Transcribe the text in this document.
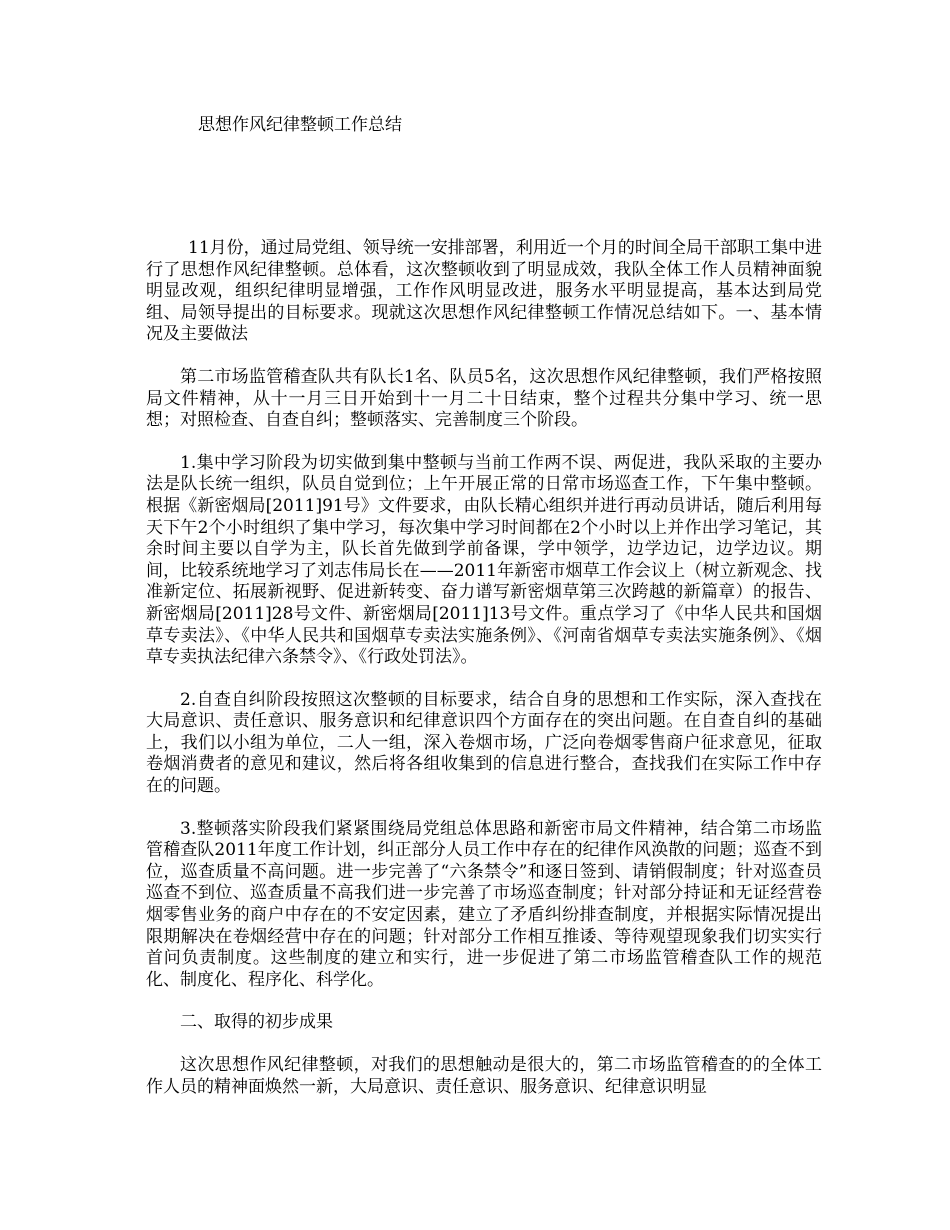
思想作风纪律整顿工作总结

11月份，通过局党组、领导统一安排部署，利用近一个月的时间全局干部职工集中进行了思想作风纪律整顿。总体看，这次整顿收到了明显成效，我队全体工作人员精神面貌明显改观，组织纪律明显增强，工作作风明显改进，服务水平明显提高，基本达到局党组、局领导提出的目标要求。现就这次思想作风纪律整顿工作情况总结如下。一、基本情况及主要做法

第二市场监管稽查队共有队长1名、队员5名，这次思想作风纪律整顿，我们严格按照局文件精神，从十一月三日开始到十一月二十日结束，整个过程共分集中学习、统一思想；对照检查、自查自纠；整顿落实、完善制度三个阶段。

1.集中学习阶段为切实做到集中整顿与当前工作两不误、两促进，我队采取的主要办法是队长统一组织，队员自觉到位；上午开展正常的日常市场巡查工作，下午集中整顿。根据《新密烟局[2011]91号》文件要求，由队长精心组织并进行再动员讲话，随后利用每天下午2个小时组织了集中学习，每次集中学习时间都在2个小时以上并作出学习笔记，其余时间主要以自学为主，队长首先做到学前备课，学中领学，边学边记，边学边议。期间，比较系统地学习了刘志伟局长在——2011年新密市烟草工作会议上（树立新观念、找准新定位、拓展新视野、促进新转变、奋力谱写新密烟草第三次跨越的新篇章）的报告、新密烟局[2011]28号文件、新密烟局[2011]13号文件。重点学习了《中华人民共和国烟草专卖法》、《中华人民共和国烟草专卖法实施条例》、《河南省烟草专卖法实施条例》、《烟草专卖执法纪律六条禁令》、《行政处罚法》。

2.自查自纠阶段按照这次整顿的目标要求，结合自身的思想和工作实际，深入查找在大局意识、责任意识、服务意识和纪律意识四个方面存在的突出问题。在自查自纠的基础上，我们以小组为单位，二人一组，深入卷烟市场，广泛向卷烟零售商户征求意见，征取卷烟消费者的意见和建议，然后将各组收集到的信息进行整合，查找我们在实际工作中存在的问题。

3.整顿落实阶段我们紧紧围绕局党组总体思路和新密市局文件精神，结合第二市场监管稽查队2011年度工作计划，纠正部分人员工作中存在的纪律作风涣散的问题；巡查不到位，巡查质量不高问题。进一步完善了“六条禁令”和逐日签到、请销假制度；针对巡查员巡查不到位、巡查质量不高我们进一步完善了市场巡查制度；针对部分持证和无证经营卷烟零售业务的商户中存在的不安定因素，建立了矛盾纠纷排查制度，并根据实际情况提出限期解决在卷烟经营中存在的问题；针对部分工作相互推诿、等待观望现象我们切实实行首问负责制度。这些制度的建立和实行，进一步促进了第二市场监管稽查队工作的规范化、制度化、程序化、科学化。

二、取得的初步成果

这次思想作风纪律整顿，对我们的思想触动是很大的，第二市场监管稽查的的全体工作人员的精神面焕然一新，大局意识、责任意识、服务意识、纪律意识明显
